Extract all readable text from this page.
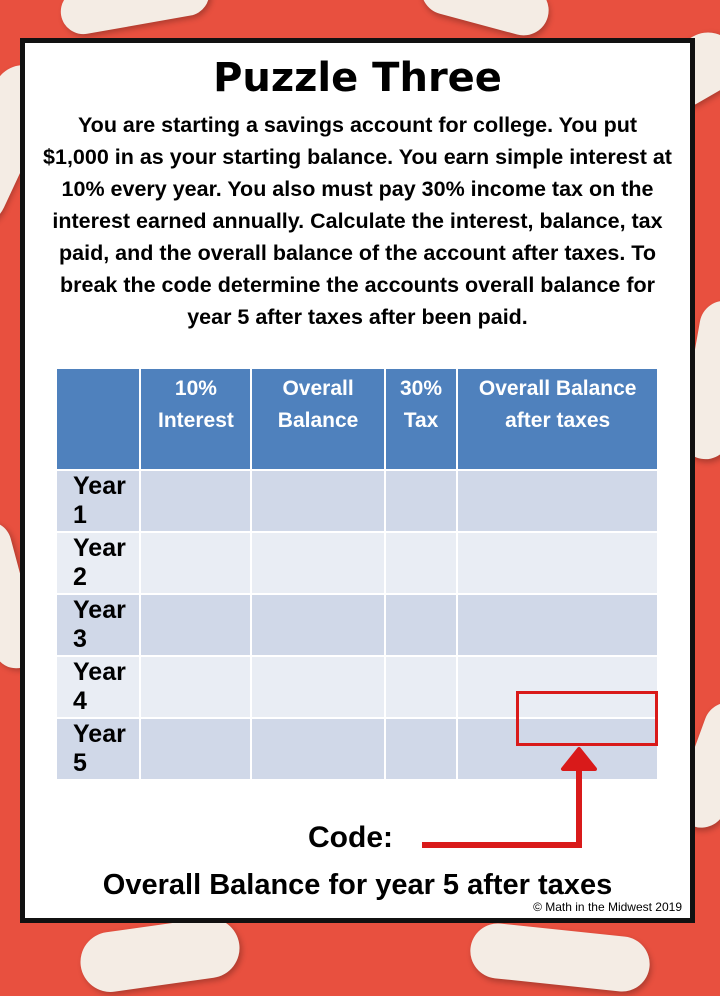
Puzzle Three
You are starting a savings account for college. You put $1,000 in as your starting balance. You earn simple interest at 10% every year. You also must pay 30% income tax on the interest earned annually. Calculate the interest, balance, tax paid, and the overall balance of the account after taxes. To break the code determine the accounts overall balance for year 5 after taxes after been paid.
	10% Interest	Overall Balance	30% Tax	Overall Balance after taxes
Year 1				
Year 2				
Year 3				
Year 4				
Year 5				
Code:
Overall Balance for year 5 after taxes
© Math in the Midwest 2019
